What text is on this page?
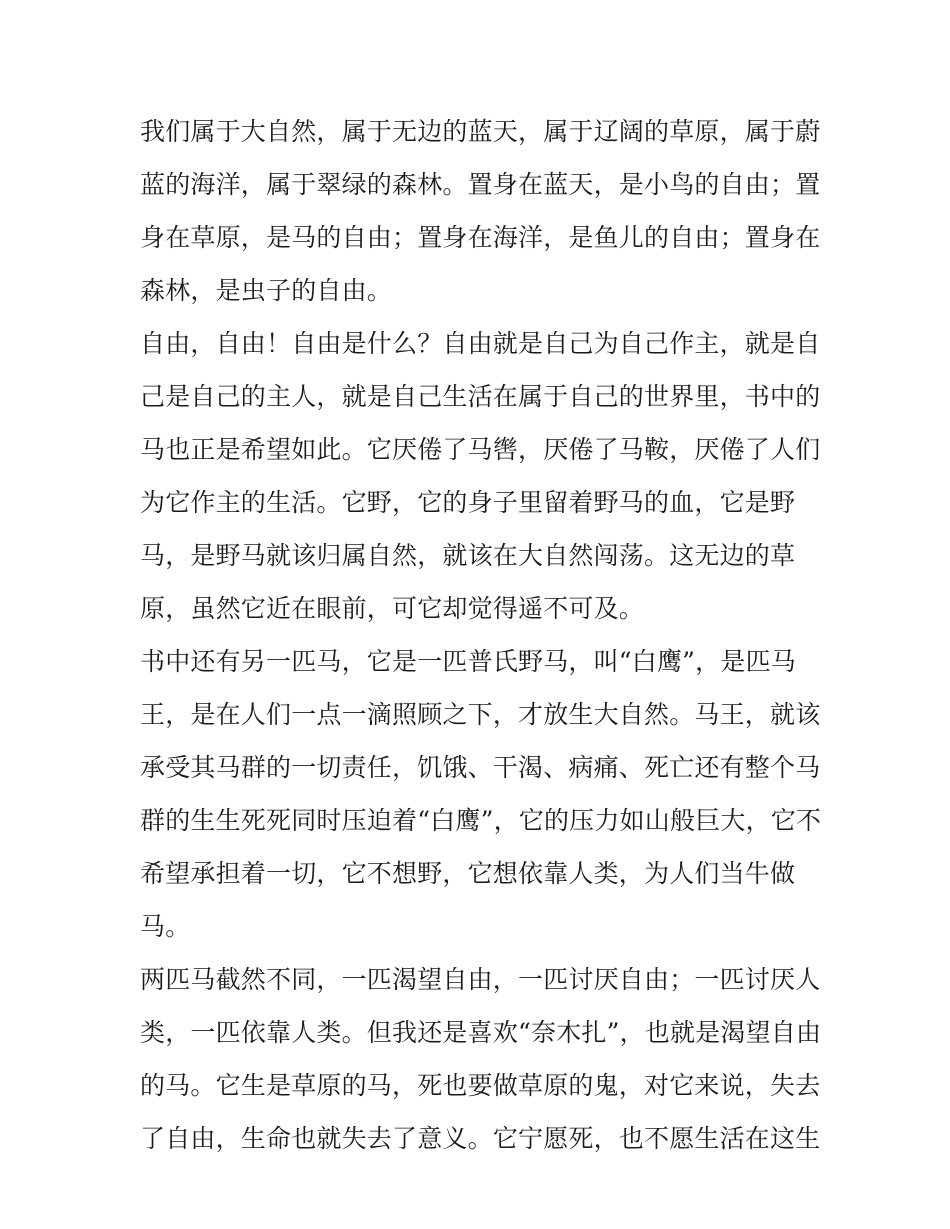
我们属于大自然，属于无边的蓝天，属于辽阔的草原，属于蔚
蓝的海洋，属于翠绿的森林。置身在蓝天，是小鸟的自由；置
身在草原，是马的自由；置身在海洋，是鱼儿的自由；置身在
森林，是虫子的自由。
自由，自由！自由是什么？自由就是自己为自己作主，就是自
己是自己的主人，就是自己生活在属于自己的世界里，书中的
马也正是希望如此。它厌倦了马辔，厌倦了马鞍，厌倦了人们
为它作主的生活。它野，它的身子里留着野马的血，它是野
马，是野马就该归属自然，就该在大自然闯荡。这无边的草
原，虽然它近在眼前，可它却觉得遥不可及。
书中还有另一匹马，它是一匹普氏野马，叫“白鹰”，是匹马
王，是在人们一点一滴照顾之下，才放生大自然。马王，就该
承受其马群的一切责任，饥饿、干渴、病痛、死亡还有整个马
群的生生死死同时压迫着“白鹰”，它的压力如山般巨大，它不
希望承担着一切，它不想野，它想依靠人类，为人们当牛做
马。
两匹马截然不同，一匹渴望自由，一匹讨厌自由；一匹讨厌人
类，一匹依靠人类。但我还是喜欢“奈木扎”，也就是渴望自由
的马。它生是草原的马，死也要做草原的鬼，对它来说，失去
了自由，生命也就失去了意义。它宁愿死，也不愿生活在这生
